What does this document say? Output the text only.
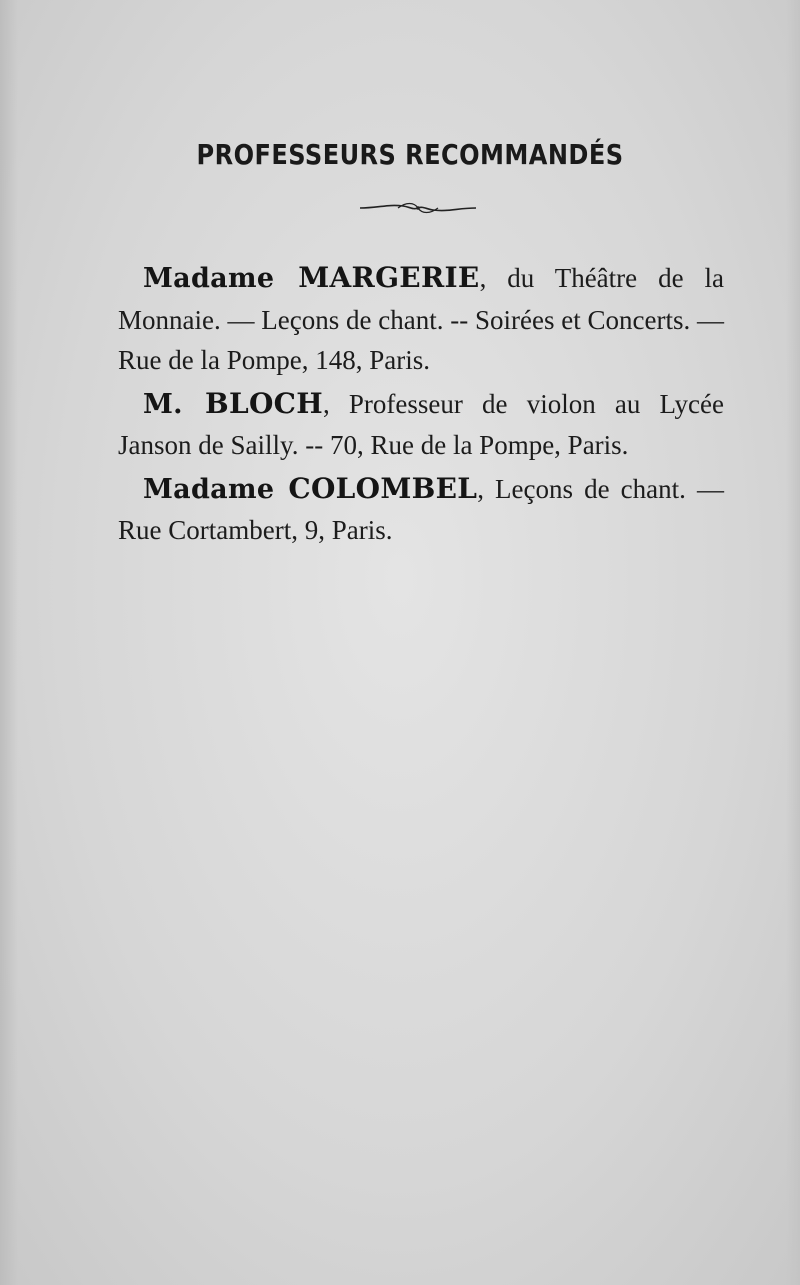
PROFESSEURS RECOMMANDÉS

Madame MARGERIE, du Théâtre de la Monnaie. — Leçons de chant. -- Soirées et Concerts. — Rue de la Pompe, 148, Paris.

M. BLOCH, Professeur de violon au Lycée Janson de Sailly. -- 70, Rue de la Pompe, Paris.

Madame COLOMBEL, Leçons de chant. — Rue Cortambert, 9, Paris.
